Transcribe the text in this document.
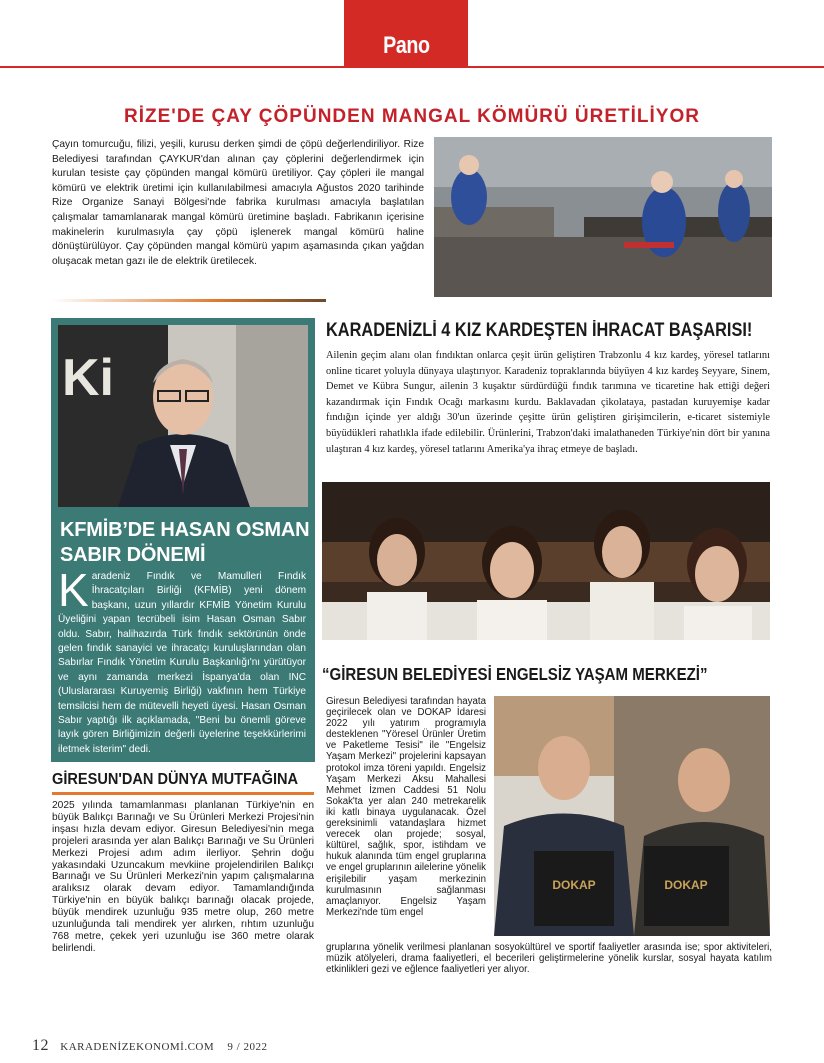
Pano
RİZE'DE ÇAY ÇÖPÜNDEN MANGAL KÖMÜRÜ ÜRETİLİYOR
Çayın tomurcuğu, filizi, yeşili, kurusu derken şimdi de çöpü değerlendiriliyor. Rize Belediyesi tarafından ÇAYKUR'dan alınan çay çöplerini değerlendirmek için kurulan tesiste çay çöpünden mangal kömürü üretiliyor. Çay çöpleri ile mangal kömürü ve elektrik üretimi için kullanılabilmesi amacıyla Ağustos 2020 tarihinde Rize Organize Sanayi Bölgesi'nde fabrika kurulması amacıyla başlatılan çalışmalar tamamlanarak mangal kömürü üretimine başladı. Fabrikanın içerisine makinelerin kurulmasıyla çay çöpü işlenerek mangal kömürü haline dönüştürülüyor. Çay çöpünden mangal kömürü yapım aşamasında çıkan yağdan oluşacak metan gazı ile de elektrik üretilecek.
Ki
KFMİB’DE HASAN OSMAN
SABIR DÖNEMİ
K aradeniz Fındık ve Mamulleri Fındık İhracatçıları Birliği (KFMİB) yeni dönem başkanı, uzun yıllardır KFMİB Yönetim Kurulu Üyeliğini yapan tecrübeli isim Hasan Osman Sabır oldu. Sabır, halihazırda Türk fındık sektörünün önde gelen fındık sanayici ve ihracatçı kuruluşlarından olan Sabırlar Fındık Yönetim Kurulu Başkanlığı'nı yürütüyor ve aynı zamanda merkezi İspanya'da olan INC (Uluslararası Kuruyemiş Birliği) vakfının hem Türkiye temsilcisi hem de mütevelli heyeti üyesi. Hasan Osman Sabır yaptığı ilk açıklamada, "Beni bu önemli göreve layık gören Birliğimizin değerli üyelerine teşekkürlerimi iletmek isterim" dedi.
KARADENİZLİ 4 KIZ KARDEŞTEN İHRACAT BAŞARISI!
Ailenin geçim alanı olan fındıktan onlarca çeşit ürün geliştiren Trabzonlu 4 kız kardeş, yöresel tatlarını online ticaret yoluyla dünyaya ulaştırıyor. Karadeniz topraklarında büyüyen 4 kız kardeş Seyyare, Sinem, Demet ve Kübra Sungur, ailenin 3 kuşaktır sürdürdüğü fındık tarımına ve ticaretine hak ettiği değeri kazandırmak için Fındık Ocağı markasını kurdu. Baklavadan çikolataya, pastadan kuruyemişe kadar fındığın içinde yer aldığı 30'un üzerinde çeşitte ürün geliştiren girişimcilerin, e-ticaret sistemiyle büyüdükleri rahatlıkla ifade edilebilir. Ürünlerini, Trabzon'daki imalathaneden Türkiye'nin dört bir yanına ulaştıran 4 kız kardeş, yöresel tatlarını Amerika'ya ihraç etmeye de başladı.
GİRESUN'DAN DÜNYA MUTFAĞINA
2025 yılında tamamlanması planlanan Türkiye'nin en büyük Balıkçı Barınağı ve Su Ürünleri Merkezi Projesi'nin inşası hızla devam ediyor. Giresun Belediyesi'nin mega projeleri arasında yer alan Balıkçı Barınağı ve Su Ürünleri Merkezi Projesi adım adım ilerliyor. Şehrin doğu yakasındaki Uzuncakum mevkiine projelendirilen Balıkçı Barınağı ve Su Ürünleri Merkezi'nin yapım çalışmalarına aralıksız olarak devam ediyor. Tamamlandığında Türkiye'nin en büyük balıkçı barınağı olacak projede, büyük mendirek uzunluğu 935 metre olup, 260 metre uzunluğunda tali mendirek yer alırken, rıhtım uzunluğu 768 metre, çekek yeri uzunluğu ise 360 metre olarak belirlendi.
“GİRESUN BELEDİYESİ ENGELSİZ YAŞAM MERKEZİ”
Giresun Belediyesi tarafından hayata geçirilecek olan ve DOKAP İdaresi 2022 yılı yatırım programıyla desteklenen "Yöresel Ürünler Üretim ve Paketleme Tesisi" ile "Engelsiz Yaşam Merkezi" projelerini kapsayan protokol imza töreni yapıldı. Engelsiz Yaşam Merkezi Aksu Mahallesi Mehmet İzmen Caddesi 51 Nolu Sokak'ta yer alan 240 metrekarelik iki katlı binaya uygulanacak. Özel gereksinimli vatandaşlara hizmet verecek olan projede; sosyal, kültürel, sağlık, spor, istihdam ve hukuk alanında tüm engel gruplarına ve engel gruplarının ailelerine yönelik erişilebilir yaşam merkezinin kurulmasının sağlanması amaçlanıyor. Engelsiz Yaşam Merkezi'nde tüm engel
DOKAP	DOKAP
gruplarına yönelik verilmesi planlanan sosyokültürel ve sportif faaliyetler arasında ise; spor aktiviteleri, müzik atölyeleri, drama faaliyetleri, el becerileri geliştirmelerine yönelik kurslar, sosyal hayata katılım etkinlikleri gezi ve eğlence faaliyetleri yer alıyor.
12 KARADENİZEKONOMİ.COM 9 / 2022
